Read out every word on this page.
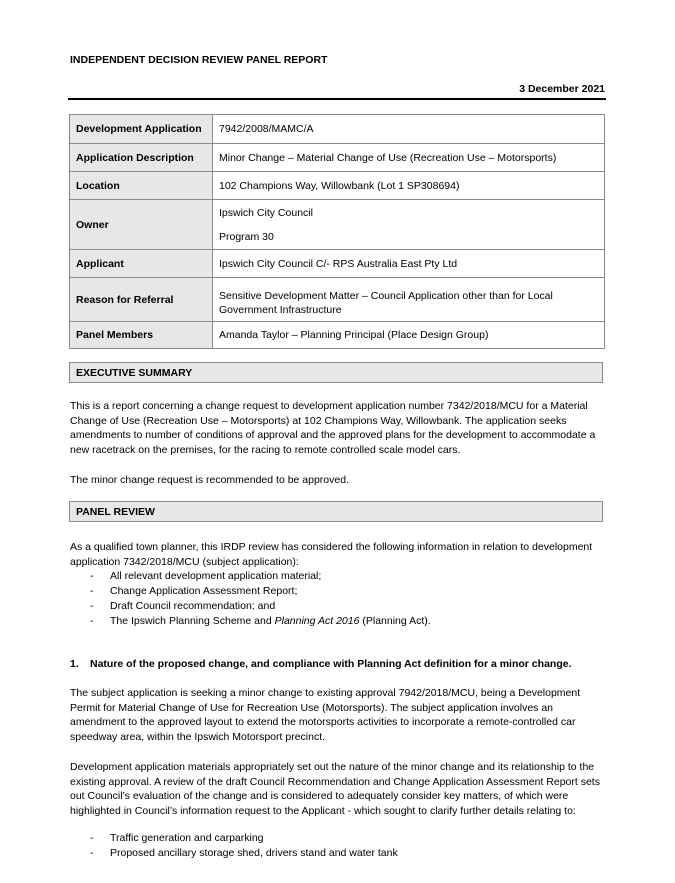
INDEPENDENT DECISION REVIEW PANEL REPORT
3 December 2021
Development Application	7942/2008/MAMC/A
Application Description	Minor Change – Material Change of Use (Recreation Use – Motorsports)
Location	102 Champions Way, Willowbank (Lot 1 SP308694)
Owner	Ipswich City Council

Program 30

Applicant	Ipswich City Council C/- RPS Australia East Pty Ltd
Reason for Referral	Sensitive Development Matter – Council Application other than for Local Government Infrastructure
Panel Members	Amanda Taylor – Planning Principal (Place Design Group)
EXECUTIVE SUMMARY

This is a report concerning a change request to development application number 7342/2018/MCU for a Material Change of Use (Recreation Use – Motorsports) at 102 Champions Way, Willowbank. The application seeks amendments to number of conditions of approval and the approved plans for the development to accommodate a new racetrack on the premises, for the racing to remote controlled scale model cars.

The minor change request is recommended to be approved.

PANEL REVIEW

As a qualified town planner, this IRDP review has considered the following information in relation to development application 7342/2018/MCU (subject application):

- All relevant development application material;
- Change Application Assessment Report;
- Draft Council recommendation; and
- The Ipswich Planning Scheme and Planning Act 2016 (Planning Act).
1. Nature of the proposed change, and compliance with Planning Act definition for a minor change.

The subject application is seeking a minor change to existing approval 7942/2018/MCU, being a Development Permit for Material Change of Use for Recreation Use (Motorsports). The subject application involves an amendment to the approved layout to extend the motorsports activities to incorporate a remote-controlled car speedway area, within the Ipswich Motorsport precinct.

Development application materials appropriately set out the nature of the minor change and its relationship to the existing approval. A review of the draft Council Recommendation and Change Application Assessment Report sets out Council’s evaluation of the change and is considered to adequately consider key matters, of which were highlighted in Council’s information request to the Applicant - which sought to clarify further details relating to:

- Traffic generation and carparking
- Proposed ancillary storage shed, drivers stand and water tank
